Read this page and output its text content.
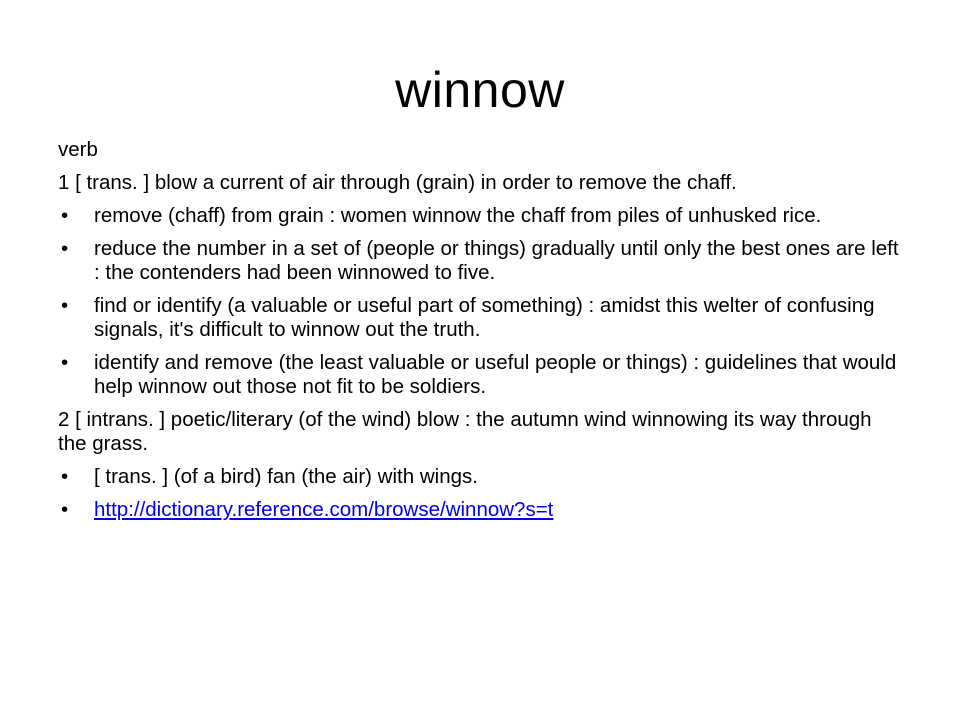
winnow
verb
1 [ trans. ] blow a current of air through (grain) in order to remove the chaff.
• remove (chaff) from grain : women winnow the chaff from piles of unhusked rice.
• reduce the number in a set of (people or things) gradually until only the best ones are left : the contenders had been winnowed to five.
• find or identify (a valuable or useful part of something) : amidst this welter of confusing signals, it's difficult to winnow out the truth.
• identify and remove (the least valuable or useful people or things) : guidelines that would help winnow out those not fit to be soldiers.
2 [ intrans. ] poetic/literary (of the wind) blow : the autumn wind winnowing its way through the grass.
• [ trans. ] (of a bird) fan (the air) with wings.
• http://dictionary.reference.com/browse/winnow?s=t
